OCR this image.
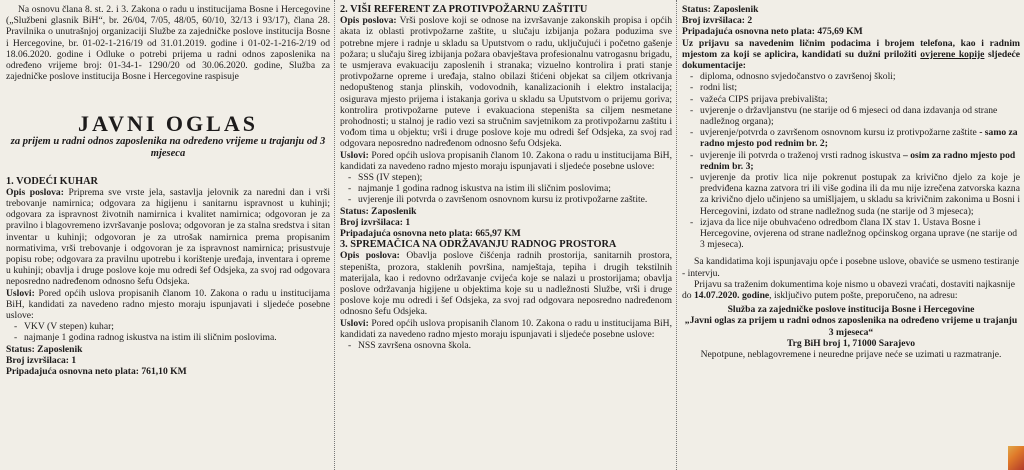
Na osnovu člana 8. st. 2. i 3. Zakona o radu u institucijama Bosne i Hercegovine („Službeni glasnik BiH“, br. 26/04, 7/05, 48/05, 60/10, 32/13 i 93/17), člana 28. Pravilnika o unutrašnjoj organizaciji Službe za zajedničke poslove institucija Bosne i Hercegovine, br. 01-02-1-216/19 od 31.01.2019. godine i 01-02-1-216-2/19 od 18.06.2020. godine i Odluke o potrebi prijema u radni odnos zaposlenika na određeno vrijeme broj: 01-34-1- 1290/20 od 30.06.2020. godine, Služba za zajedničke poslove institucija Bosne i Hercegovine raspisuje

JAVNI OGLAS

za prijem u radni odnos zaposlenika na određeno vrijeme u trajanju od 3 mjeseca

1. VODEĆI KUHAR

Opis poslova: Priprema sve vrste jela, sastavlja jelovnik za naredni dan i vrši trebovanje namirnica; odgovara za higijenu i sanitarnu ispravnost u kuhinji; odgovara za ispravnost životnih namirnica i kvalitet namirnica; odgovoran je za pravilno i blagovremeno izvršavanje poslova; odgovoran je za stalna sredstva i sitan inventar u kuhinji; odgovoran je za utrošak namirnica prema propisanim normativima, vrši trebovanje i odgovoran je za ispravnost namirnica; prisustvuje popisu robe; odgovara za pravilnu upotrebu i korištenje uređaja, inventara i opreme u kuhinji; obavlja i druge poslove koje mu odredi šef Odsjeka, za svoj rad odgovara neposredno nadređenom odnosno šefu Odsjeka.

Uslovi: Pored općih uslova propisanih članom 10. Zakona o radu u institucijama BiH, kandidati za navedeno radno mjesto moraju ispunjavati i sljedeće posebne uslove:

- VKV (V stepen) kuhar;
- najmanje 1 godina radnog iskustva na istim ili sličnim poslovima.

Status: Zaposlenik

Broj izvršilaca: 1

Pripadajuća osnovna neto plata: 761,10 KM

2. VIŠI REFERENT ZA PROTIVPOŽARNU ZAŠTITU

Opis poslova: Vrši poslove koji se odnose na izvršavanje zakonskih propisa i općih akata iz oblasti protivpožarne zaštite, u slučaju izbijanja požara poduzima sve potrebne mjere i radnje u skladu sa Uputstvom o radu, uključujući i početno gašenje požara; u slučaju šireg izbijanja požara obavještava profesionalnu vatrogasnu brigadu, te usmjerava evakuaciju zaposlenih i stranaka; vizuelno kontrolira i prati stanje protivpožarne opreme i uređaja, stalno obilazi štićeni objekat sa ciljem otkrivanja nedopuštenog stanja plinskih, vodovodnih, kanalizacionih i elektro instalacija; osigurava mjesto prijema i istakanja goriva u skladu sa Uputstvom o prijemu goriva; kontrolira protivpožarne puteve i evakuaciona stepeništa sa ciljem nesmetane prohodnosti; u stalnoj je radio vezi sa stručnim savjetnikom za protivpožarnu zaštitu i vođom tima u objektu; vrši i druge poslove koje mu odredi šef Odsjeka, za svoj rad odgovara neposredno nadređenom odnosno šefu Odsjeka.

Uslovi: Pored općih uslova propisanih članom 10. Zakona o radu u institucijama BiH, kandidati za navedeno radno mjesto moraju ispunjavati i sljedeće posebne uslove:

- SSS (IV stepen);
- najmanje 1 godina radnog iskustva na istim ili sličnim poslovima;
- uvjerenje ili potvrda o završenom osnovnom kursu iz protivpožarne zaštite.

Status: Zaposlenik

Broj izvršilaca: 1

Pripadajuća osnovna neto plata: 665,97 KM

3. SPREMAČICA NA ODRŽAVANJU RADNOG PROSTORA

Opis poslova: Obavlja poslove čišćenja radnih prostorija, sanitarnih prostora, stepeništa, prozora, staklenih površina, namještaja, tepiha i drugih tekstilnih materijala, kao i redovno održavanje cvijeća koje se nalazi u prostorijama; obavlja poslove održavanja higijene u objektima koje su u nadležnosti Službe, vrši i druge poslove koje mu odredi i šef Odsjeka, za svoj rad odgovara neposredno nadređenom odnosno šefu Odsjeka.

Uslovi: Pored općih uslova propisanih članom 10. Zakona o radu u institucijama BiH, kandidati za navedeno radno mjesto moraju ispunjavati i sljedeće posebne uslove:

- NSS završena osnovna škola.

Status: Zaposlenik

Broj izvršilaca: 2

Pripadajuća osnovna neto plata: 475,69 KM

Uz prijavu sa navedenim ličnim podacima i brojem telefona, kao i radnim mjestom za koji se aplicira, kandidati su dužni priložiti ovjerene kopije sljedeće dokumentacije:

- diploma, odnosno svjedočanstvo o završenoj školi;
- rodni list;
- važeća CIPS prijava prebivališta;
- uvjerenje o državljanstvu (ne starije od 6 mjeseci od dana izdavanja od strane nadležnog organa);
- uvjerenje/potvrda o završenom osnovnom kursu iz protivpožarne zaštite - samo za radno mjesto pod rednim br. 2;
- uvjerenje ili potvrda o traženoj vrsti radnog iskustva – osim za radno mjesto pod rednim br. 3;
- uvjerenje da protiv lica nije pokrenut postupak za krivično djelo za koje je predviđena kazna zatvora tri ili više godina ili da mu nije izrečena zatvorska kazna za krivično djelo učinjeno sa umišljajem, u skladu sa krivičnim zakonima u Bosni i Hercegovini, izdato od strane nadležnog suda (ne starije od 3 mjeseca);
- izjava da lice nije obuhvaćeno odredbom člana IX stav 1. Ustava Bosne i Hercegovine, ovjerena od strane nadležnog općinskog organa uprave (ne starije od 3 mjeseca).

Sa kandidatima koji ispunjavaju opće i posebne uslove, obaviće se usmeno testiranje - intervju.

Prijavu sa traženim dokumentima koje nismo u obavezi vraćati, dostaviti najkasnije do 14.07.2020. godine, isključivo putem pošte, preporučeno, na adresu:

Služba za zajedničke poslove institucija Bosne i Hercegovine

„Javni oglas za prijem u radni odnos zaposlenika na određeno vrijeme u trajanju 3 mjeseca“

Trg BiH broj 1, 71000 Sarajevo

Nepotpune, neblagovremene i neuredne prijave neće se uzimati u razmatranje.
